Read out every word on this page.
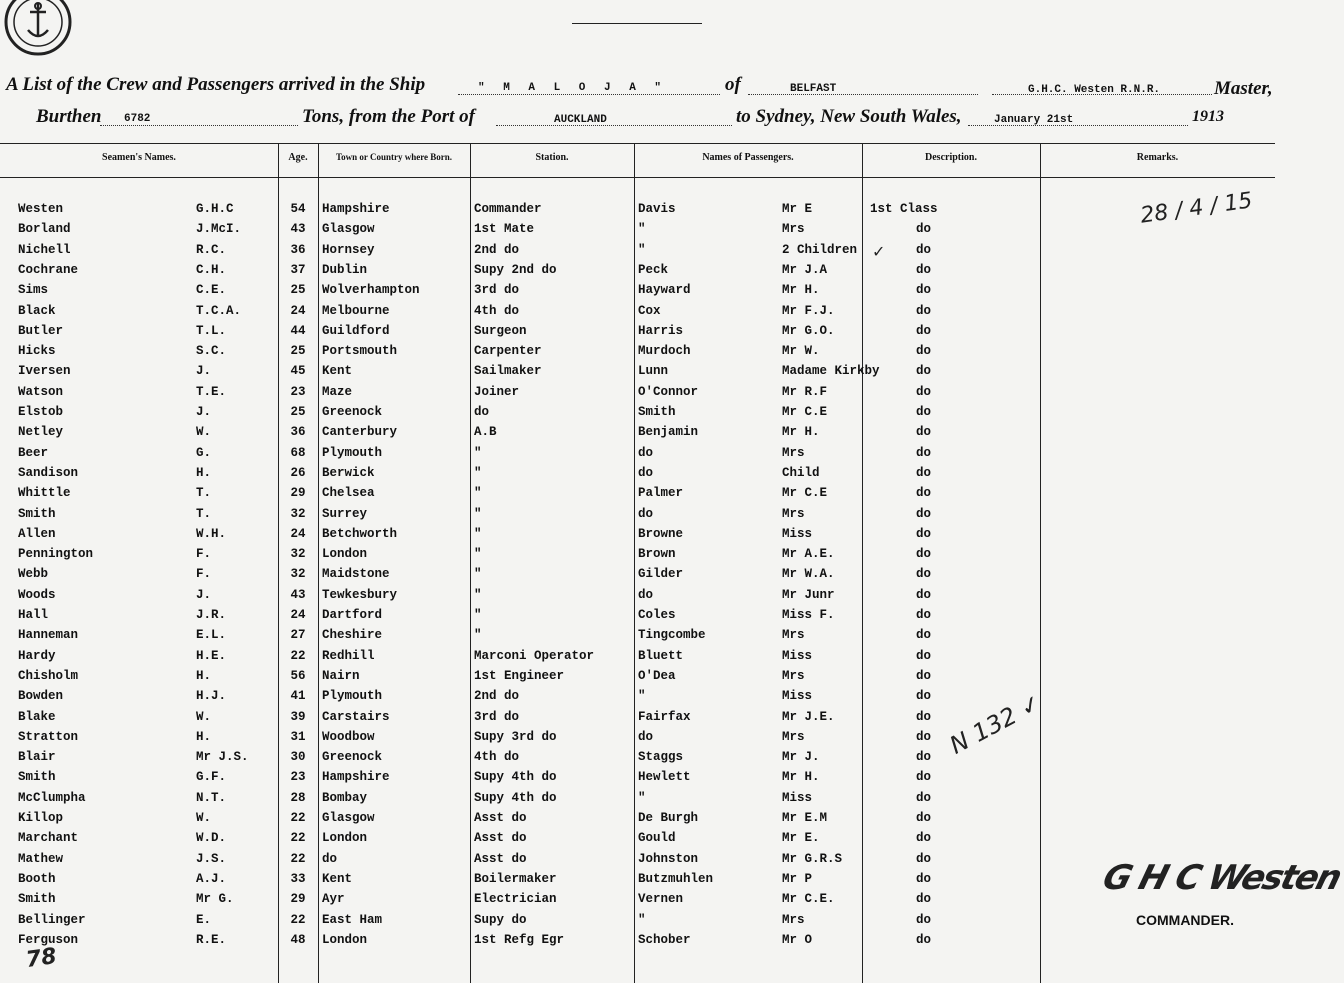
A List of the Crew and Passengers arrived in the Ship	" M A L O J A "	of	BELFAST	G.H.C. Westen R.N.R.	Master,
Burthen 6782	Tons, from the Port of	AUCKLAND	to Sydney, New South Wales,	January 21st	1913
Seamen's Names.	Age.	Town or Country where Born.	Station.	Names of Passengers.	Description.	Remarks.
Westen	G.H.C	54	Hampshire	Commander	Davis	Mr E	1st Class
Borland	J.McI.	43	Glasgow	1st Mate	"	Mrs	do
Nichell	R.C.	36	Hornsey	2nd do	"	2 Children	do
Cochrane	C.H.	37	Dublin	Supy 2nd do	Peck	Mr J.A	do
Sims	C.E.	25	Wolverhampton	3rd do	Hayward	Mr H.	do
Black	T.C.A.	24	Melbourne	4th do	Cox	Mr F.J.	do
Butler	T.L.	44	Guildford	Surgeon	Harris	Mr G.O.	do
Hicks	S.C.	25	Portsmouth	Carpenter	Murdoch	Mr W.	do
Iversen	J.	45	Kent	Sailmaker	Lunn	Madame Kirkby	do
Watson	T.E.	23	Maze	Joiner	O'Connor	Mr R.F	do
Elstob	J.	25	Greenock	do	Smith	Mr C.E	do
Netley	W.	36	Canterbury	A.B	Benjamin	Mr H.	do
Beer	G.	68	Plymouth	"	do	Mrs	do
Sandison	H.	26	Berwick	"	do	Child	do
Whittle	T.	29	Chelsea	"	Palmer	Mr C.E	do
Smith	T.	32	Surrey	"	do	Mrs	do
Allen	W.H.	24	Betchworth	"	Browne	Miss	do
Pennington	F.	32	London	"	Brown	Mr A.E.	do
Webb	F.	32	Maidstone	"	Gilder	Mr W.A.	do
Woods	J.	43	Tewkesbury	"	do	Mr Junr	do
Hall	J.R.	24	Dartford	"	Coles	Miss F.	do
Hanneman	E.L.	27	Cheshire	"	Tingcombe	Mrs	do
Hardy	H.E.	22	Redhill	Marconi Operator	Bluett	Miss	do
Chisholm	H.	56	Nairn	1st Engineer	O'Dea	Mrs	do
Bowden	H.J.	41	Plymouth	2nd do	"	Miss	do
Blake	W.	39	Carstairs	3rd do	Fairfax	Mr J.E.	do
Stratton	H.	31	Woodbow	Supy 3rd do	do	Mrs	do
Blair	Mr J.S.	30	Greenock	4th do	Staggs	Mr J.	do
Smith	G.F.	23	Hampshire	Supy 4th do	Hewlett	Mr H.	do
McClumpha	N.T.	28	Bombay	Supy 4th do	"	Miss	do
Killop	W.	22	Glasgow	Asst do	De Burgh	Mr E.M	do
Marchant	W.D.	22	London	Asst do	Gould	Mr E.	do
Mathew	J.S.	22	do	Asst do	Johnston	Mr G.R.S	do
Booth	A.J.	33	Kent	Boilermaker	Butzmuhlen	Mr P	do
Smith	Mr G.	29	Ayr	Electrician	Vernen	Mr C.E.	do
Bellinger	E.	22	East Ham	Supy do	"	Mrs	do
Ferguson	R.E.	48	London	1st Refg Egr	Schober	Mr O	do
28 / 4 / 15
N 132 ✓
✓
G H C Westen
COMMANDER.
78
